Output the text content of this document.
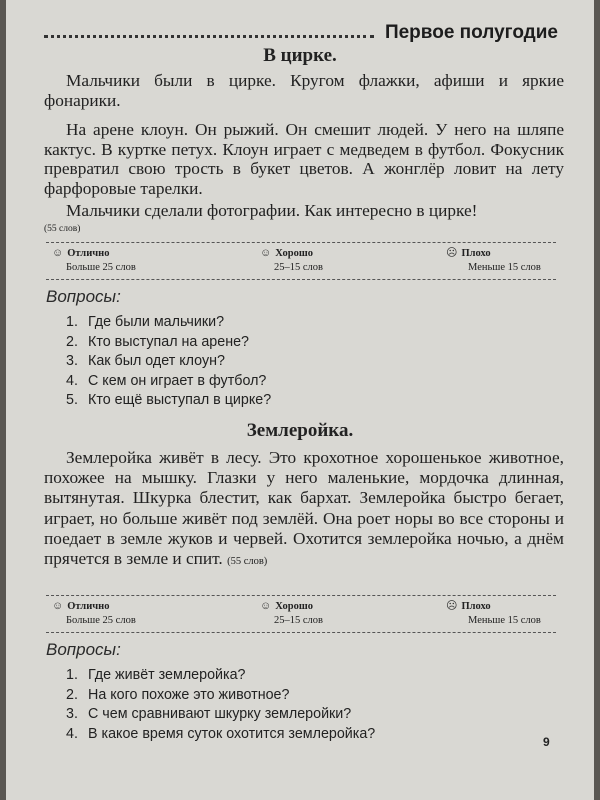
Первое полугодие
В цирке.

Мальчики были в цирке. Кругом флажки, афиши и яркие фонарики.

На арене клоун. Он рыжий. Он смешит людей. У него на шляпе кактус. В куртке петух. Клоун играет с медведем в футбол. Фокусник превратил свою трость в букет цветов. А жонглёр ловит на лету фарфоровые тарелки.

Мальчики сделали фотографии. Как интересно в цирке!

(55 слов)
☺ Отлично
Больше 25 слов
☺ Хорошо
25–15 слов
☹ Плохо
Меньше 15 слов
Вопросы:
1. Где были мальчики?
2. Кто выступал на арене?
3. Как был одет клоун?
4. С кем он играет в футбол?
5. Кто ещё выступал в цирке?
Землеройка.

Землеройка живёт в лесу. Это крохотное хорошенькое животное, похожее на мышку. Глазки у него маленькие, мордочка длинная, вытянутая. Шкурка блестит, как бархат. Землеройка быстро бегает, играет, но больше живёт под землёй. Она роет норы во все стороны и поедает в земле жуков и червей. Охотится землеройка ночью, а днём прячется в земле и спит. (55 слов)

☺ Отлично
Больше 25 слов
☺ Хорошо
25–15 слов
☹ Плохо
Меньше 15 слов
Вопросы:
1. Где живёт землеройка?
2. На кого похоже это животное?
3. С чем сравнивают шкурку землеройки?
4. В какое время суток охотится землеройка?
9
